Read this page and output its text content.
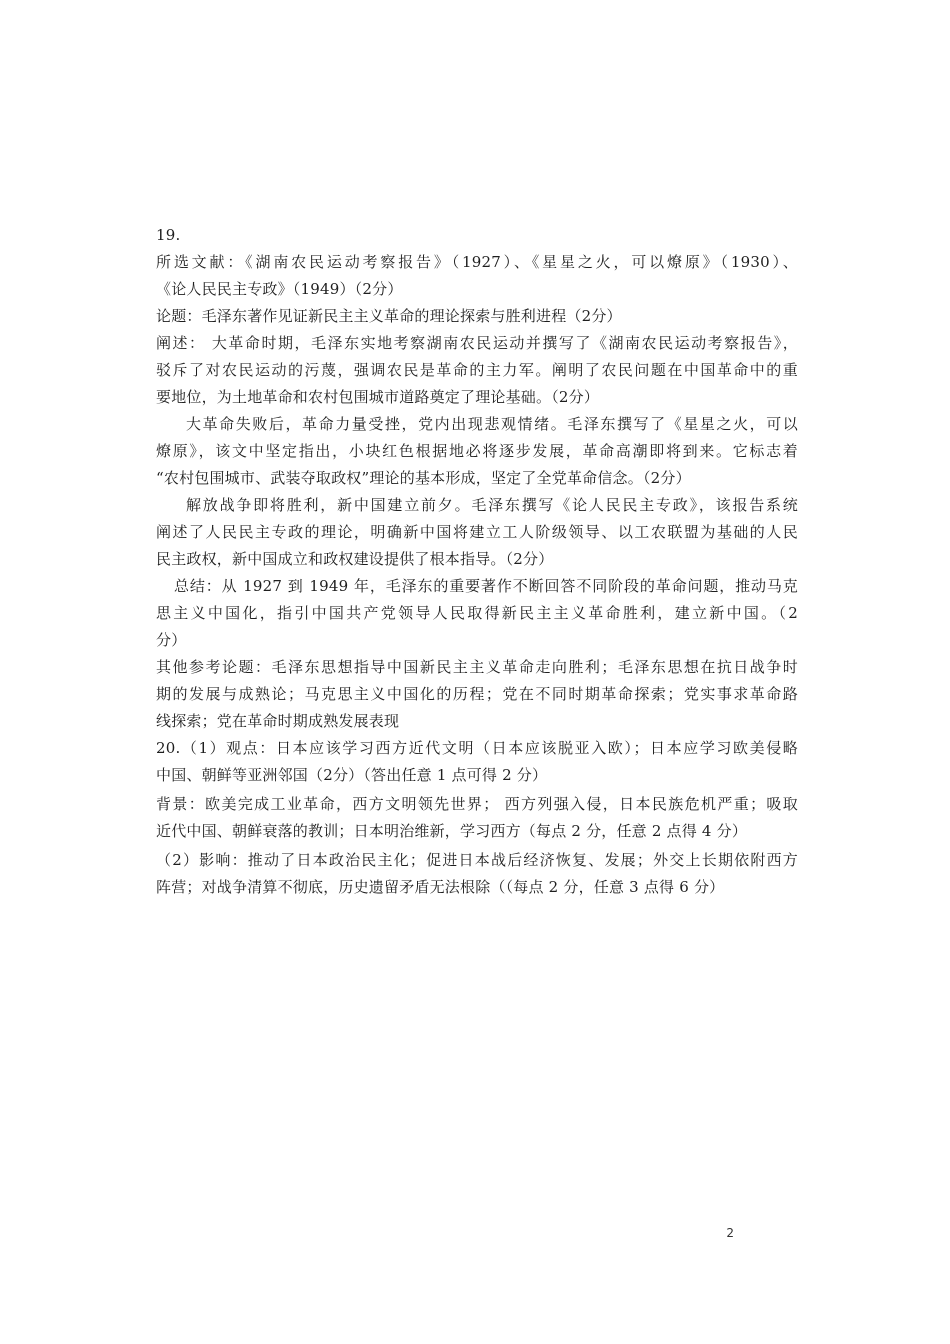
19.
所选文献：《湖南农民运动考察报告》（1927）、《星星之火，可以燎原》（1930）、
《论人民民主专政》（1949）（2分）
论题：毛泽东著作见证新民主主义革命的理论探索与胜利进程（2分）
阐述： 大革命时期，毛泽东实地考察湖南农民运动并撰写了《湖南农民运动考察报告》，
驳斥了对农民运动的污蔑，强调农民是革命的主力军。阐明了农民问题在中国革命中的重
要地位，为土地革命和农村包围城市道路奠定了理论基础。（2分）
大革命失败后，革命力量受挫，党内出现悲观情绪。毛泽东撰写了《星星之火，可以
燎原》，该文中坚定指出，小块红色根据地必将逐步发展，革命高潮即将到来。它标志着
“农村包围城市、武装夺取政权”理论的基本形成，坚定了全党革命信念。（2分）
解放战争即将胜利，新中国建立前夕。毛泽东撰写《论人民民主专政》，该报告系统
阐述了人民民主专政的理论，明确新中国将建立工人阶级领导、以工农联盟为基础的人民
民主政权，新中国成立和政权建设提供了根本指导。（2分）
总结：从 1927 到 1949 年，毛泽东的重要著作不断回答不同阶段的革命问题，推动马克
思主义中国化，指引中国共产党领导人民取得新民主主义革命胜利，建立新中国。（2
分）
其他参考论题：毛泽东思想指导中国新民主主义革命走向胜利；毛泽东思想在抗日战争时
期的发展与成熟论；马克思主义中国化的历程；党在不同时期革命探索；党实事求革命路
线探索；党在革命时期成熟发展表现
20.（1）观点：日本应该学习西方近代文明（日本应该脱亚入欧）；日本应学习欧美侵略
中国、朝鲜等亚洲邻国（2分）（答出任意 1 点可得 2 分）
背景：欧美完成工业革命，西方文明领先世界； 西方列强入侵，日本民族危机严重；吸取
近代中国、朝鲜衰落的教训；日本明治维新，学习西方（每点 2 分，任意 2 点得 4 分）
（2）影响：推动了日本政治民主化；促进日本战后经济恢复、发展；外交上长期依附西方
阵营；对战争清算不彻底，历史遗留矛盾无法根除（（每点 2 分，任意 3 点得 6 分）
2
